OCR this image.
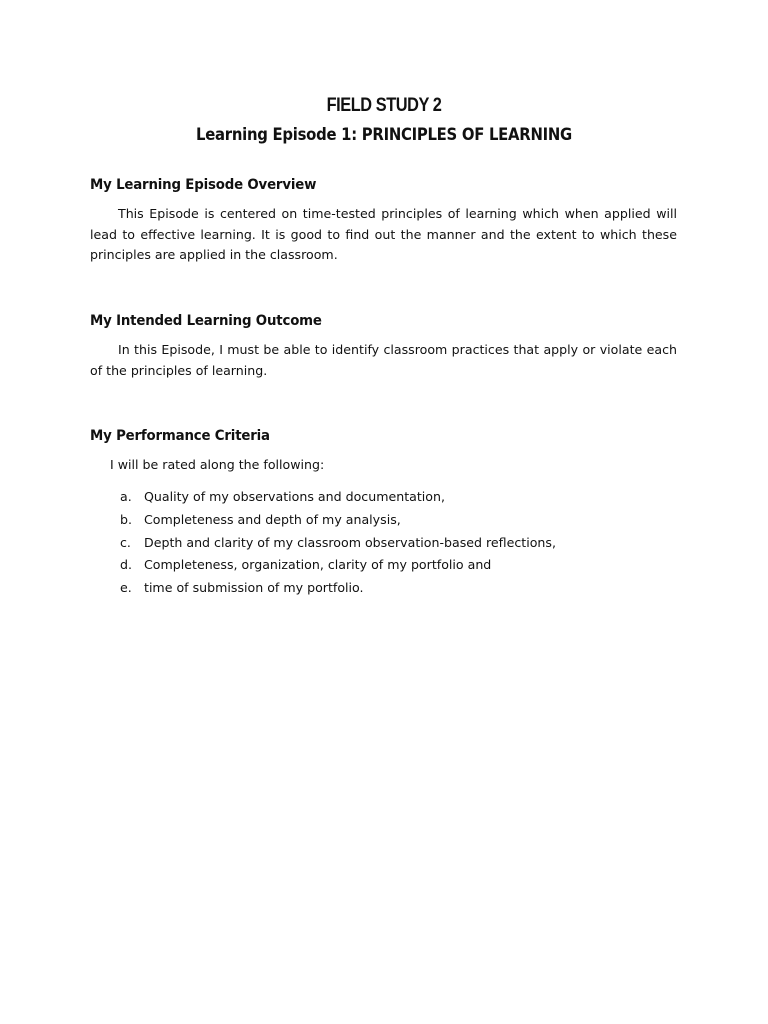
FIELD STUDY 2
Learning Episode 1: PRINCIPLES OF LEARNING
My Learning Episode Overview

This Episode is centered on time-tested principles of learning which when applied will lead to effective learning. It is good to find out the manner and the extent to which these principles are applied in the classroom.

My Intended Learning Outcome

In this Episode, I must be able to identify classroom practices that apply or violate each of the principles of learning.

My Performance Criteria

I will be rated along the following:

a. Quality of my observations and documentation,
b. Completeness and depth of my analysis,
c. Depth and clarity of my classroom observation-based reflections,
d. Completeness, organization, clarity of my portfolio and
e. time of submission of my portfolio.
